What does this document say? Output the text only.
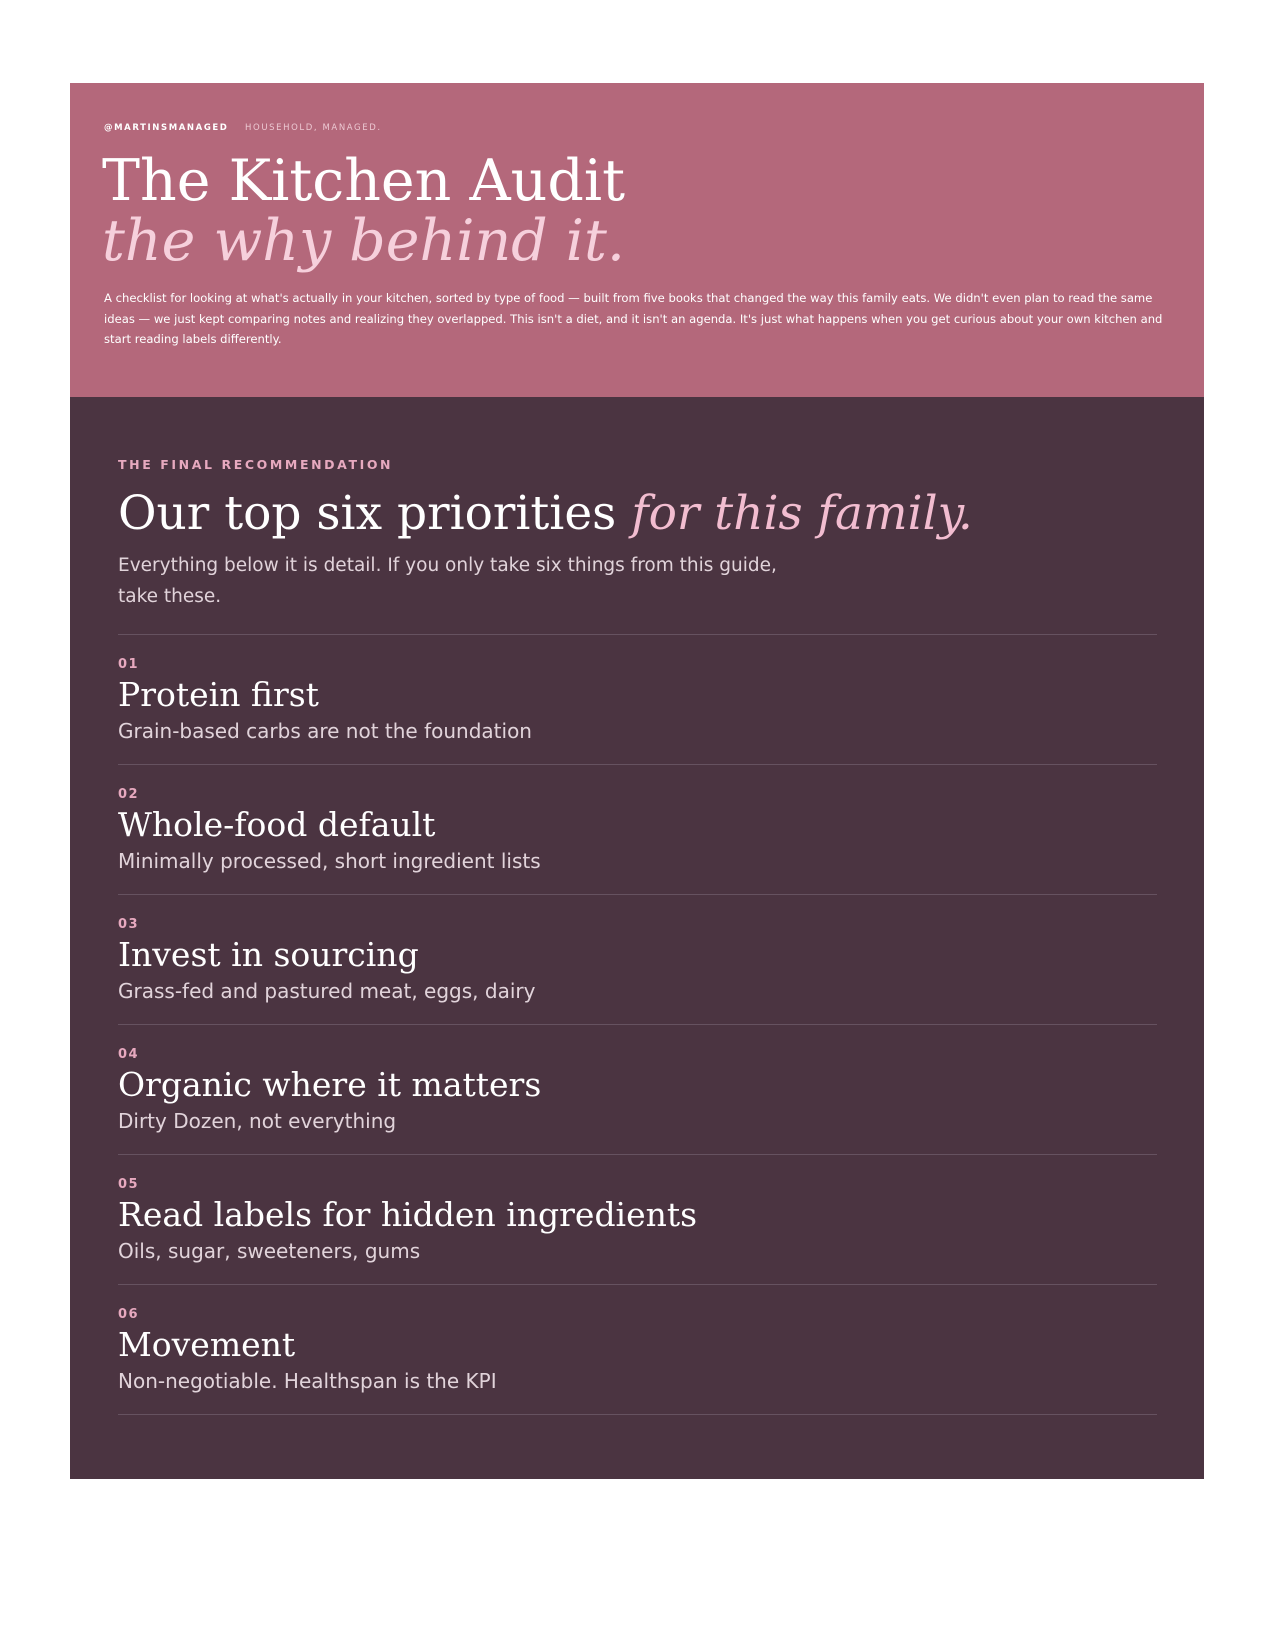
@MARTINSMANAGED HOUSEHOLD, MANAGED.
The Kitchen Audit
the why behind it.

A checklist for looking at what's actually in your kitchen, sorted by type of food — built from five books that changed the way this family eats. We didn't even plan to read the same ideas — we just kept comparing notes and realizing they overlapped. This isn't a diet, and it isn't an agenda. It's just what happens when you get curious about your own kitchen and start reading labels differently.

THE FINAL RECOMMENDATION

Our top six priorities for this family.

Everything below it is detail. If you only take six things from this guide, take these.

01
Protein first

Grain-based carbs are not the foundation

02
Whole-food default

Minimally processed, short ingredient lists

03
Invest in sourcing

Grass-fed and pastured meat, eggs, dairy

04
Organic where it matters

Dirty Dozen, not everything

05
Read labels for hidden ingredients

Oils, sugar, sweeteners, gums

06
Movement

Non-negotiable. Healthspan is the KPI
